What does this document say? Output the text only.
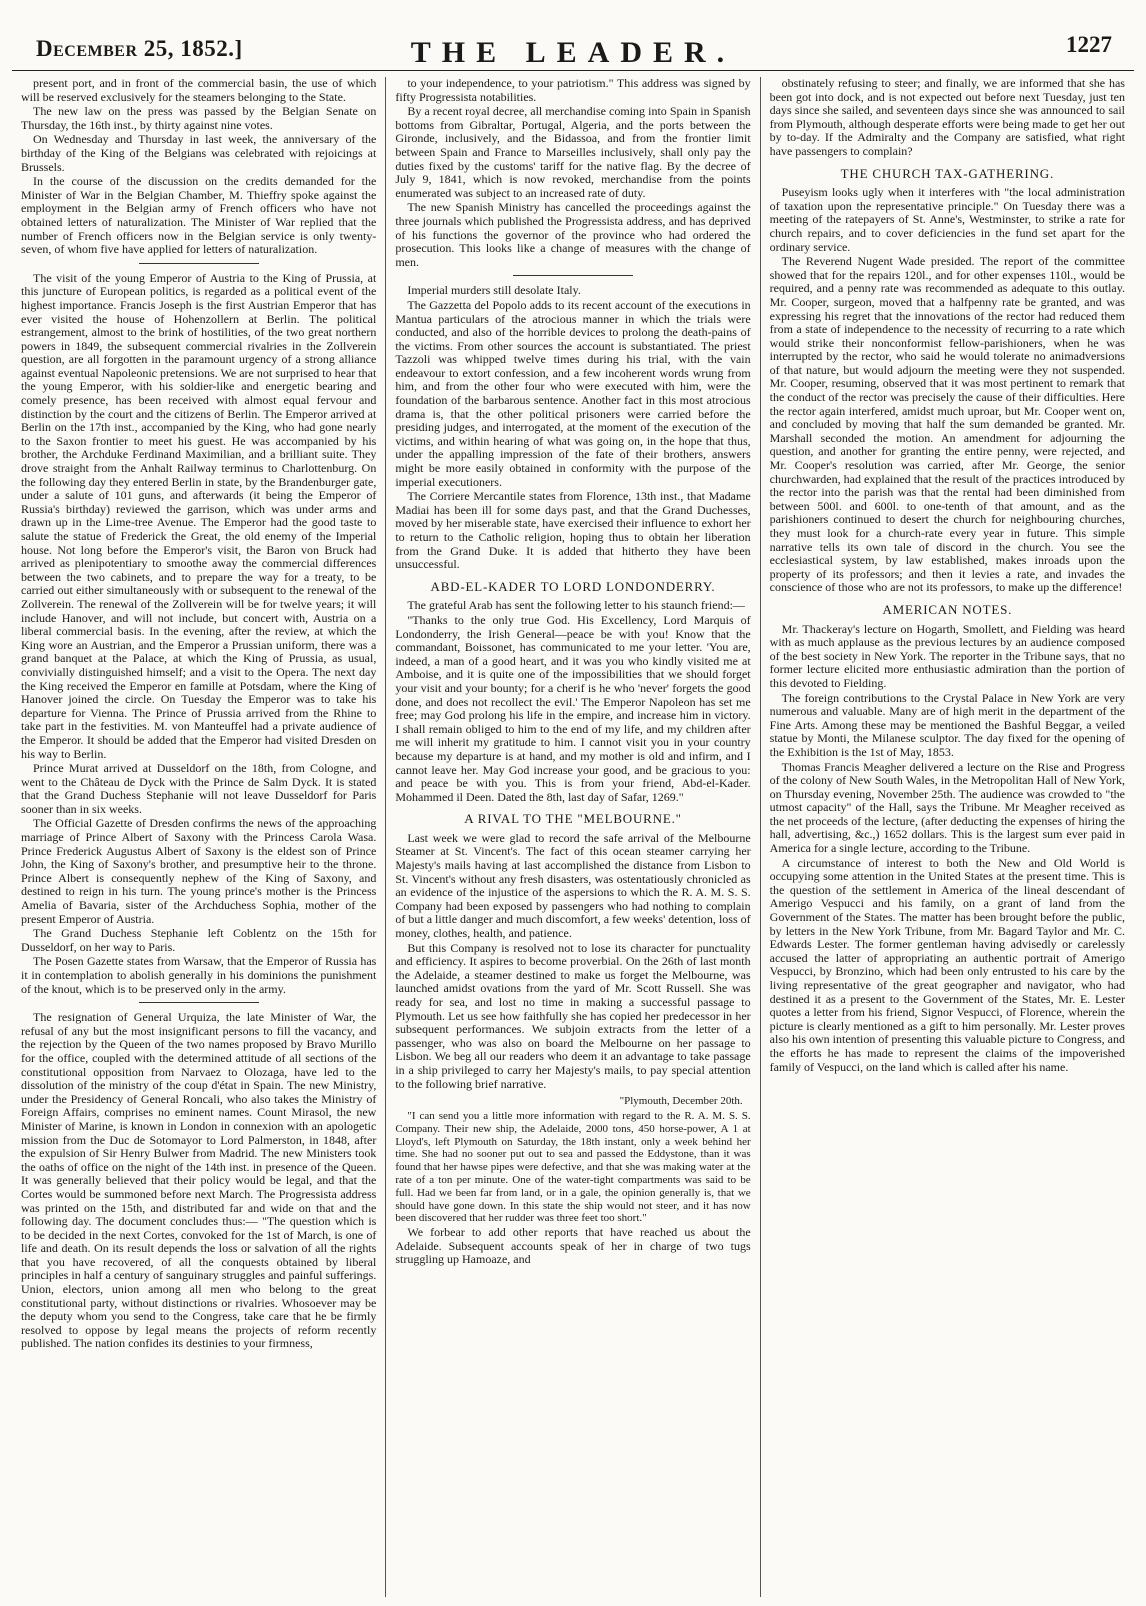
December 25, 1852.]	THE LEADER.	1227

present port, and in front of the commercial basin, the use of which will be reserved exclusively for the steamers belonging to the State.

The new law on the press was passed by the Belgian Senate on Thursday, the 16th inst., by thirty against nine votes.

On Wednesday and Thursday in last week, the anniversary of the birthday of the King of the Belgians was celebrated with rejoicings at Brussels.

In the course of the discussion on the credits demanded for the Minister of War in the Belgian Chamber, M. Thieffry spoke against the employment in the Belgian army of French officers who have not obtained letters of naturalization. The Minister of War replied that the number of French officers now in the Belgian service is only twenty-seven, of whom five have applied for letters of naturalization.

The visit of the young Emperor of Austria to the King of Prussia, at this juncture of European politics, is regarded as a political event of the highest importance. Francis Joseph is the first Austrian Emperor that has ever visited the house of Hohenzollern at Berlin. The political estrangement, almost to the brink of hostilities, of the two great northern powers in 1849, the subsequent commercial rivalries in the Zollverein question, are all forgotten in the paramount urgency of a strong alliance against eventual Napoleonic pretensions. We are not surprised to hear that the young Emperor, with his soldier-like and energetic bearing and comely presence, has been received with almost equal fervour and distinction by the court and the citizens of Berlin. The Emperor arrived at Berlin on the 17th inst., accompanied by the King, who had gone nearly to the Saxon frontier to meet his guest. He was accompanied by his brother, the Archduke Ferdinand Maximilian, and a brilliant suite. They drove straight from the Anhalt Railway terminus to Charlottenburg. On the following day they entered Berlin in state, by the Brandenburger gate, under a salute of 101 guns, and afterwards (it being the Emperor of Russia's birthday) reviewed the garrison, which was under arms and drawn up in the Lime-tree Avenue. The Emperor had the good taste to salute the statue of Frederick the Great, the old enemy of the Imperial house. Not long before the Emperor's visit, the Baron von Bruck had arrived as plenipotentiary to smoothe away the commercial differences between the two cabinets, and to prepare the way for a treaty, to be carried out either simultaneously with or subsequent to the renewal of the Zollverein. The renewal of the Zollverein will be for twelve years; it will include Hanover, and will not include, but concert with, Austria on a liberal commercial basis. In the evening, after the review, at which the King wore an Austrian, and the Emperor a Prussian uniform, there was a grand banquet at the Palace, at which the King of Prussia, as usual, convivially distinguished himself; and a visit to the Opera. The next day the King received the Emperor en famille at Potsdam, where the King of Hanover joined the circle. On Tuesday the Emperor was to take his departure for Vienna. The Prince of Prussia arrived from the Rhine to take part in the festivities. M. von Manteuffel had a private audience of the Emperor. It should be added that the Emperor had visited Dresden on his way to Berlin.

Prince Murat arrived at Dusseldorf on the 18th, from Cologne, and went to the Château de Dyck with the Prince de Salm Dyck. It is stated that the Grand Duchess Stephanie will not leave Dusseldorf for Paris sooner than in six weeks.

The Official Gazette of Dresden confirms the news of the approaching marriage of Prince Albert of Saxony with the Princess Carola Wasa. Prince Frederick Augustus Albert of Saxony is the eldest son of Prince John, the King of Saxony's brother, and presumptive heir to the throne. Prince Albert is consequently nephew of the King of Saxony, and destined to reign in his turn. The young prince's mother is the Princess Amelia of Bavaria, sister of the Archduchess Sophia, mother of the present Emperor of Austria.

The Grand Duchess Stephanie left Coblentz on the 15th for Dusseldorf, on her way to Paris.

The Posen Gazette states from Warsaw, that the Emperor of Russia has it in contemplation to abolish generally in his dominions the punishment of the knout, which is to be preserved only in the army.

The resignation of General Urquiza, the late Minister of War, the refusal of any but the most insignificant persons to fill the vacancy, and the rejection by the Queen of the two names proposed by Bravo Murillo for the office, coupled with the determined attitude of all sections of the constitutional opposition from Narvaez to Olozaga, have led to the dissolution of the ministry of the coup d'état in Spain. The new Ministry, under the Presidency of General Roncali, who also takes the Ministry of Foreign Affairs, comprises no eminent names. Count Mirasol, the new Minister of Marine, is known in London in connexion with an apologetic mission from the Duc de Sotomayor to Lord Palmerston, in 1848, after the expulsion of Sir Henry Bulwer from Madrid. The new Ministers took the oaths of office on the night of the 14th inst. in presence of the Queen. It was generally believed that their policy would be legal, and that the Cortes would be summoned before next March. The Progressista address was printed on the 15th, and distributed far and wide on that and the following day. The document concludes thus:— "The question which is to be decided in the next Cortes, convoked for the 1st of March, is one of life and death. On its result depends the loss or salvation of all the rights that you have recovered, of all the conquests obtained by liberal principles in half a century of sanguinary struggles and painful sufferings. Union, electors, union among all men who belong to the great constitutional party, without distinctions or rivalries. Whosoever may be the deputy whom you send to the Congress, take care that he be firmly resolved to oppose by legal means the projects of reform recently published. The nation confides its destinies to your firmness,

to your independence, to your patriotism." This address was signed by fifty Progressista notabilities.

By a recent royal decree, all merchandise coming into Spain in Spanish bottoms from Gibraltar, Portugal, Algeria, and the ports between the Gironde, inclusively, and the Bidassoa, and from the frontier limit between Spain and France to Marseilles inclusively, shall only pay the duties fixed by the customs' tariff for the native flag. By the decree of July 9, 1841, which is now revoked, merchandise from the points enumerated was subject to an increased rate of duty.

The new Spanish Ministry has cancelled the proceedings against the three journals which published the Progressista address, and has deprived of his functions the governor of the province who had ordered the prosecution. This looks like a change of measures with the change of men.

Imperial murders still desolate Italy.

The Gazzetta del Popolo adds to its recent account of the executions in Mantua particulars of the atrocious manner in which the trials were conducted, and also of the horrible devices to prolong the death-pains of the victims. From other sources the account is substantiated. The priest Tazzoli was whipped twelve times during his trial, with the vain endeavour to extort confession, and a few incoherent words wrung from him, and from the other four who were executed with him, were the foundation of the barbarous sentence. Another fact in this most atrocious drama is, that the other political prisoners were carried before the presiding judges, and interrogated, at the moment of the execution of the victims, and within hearing of what was going on, in the hope that thus, under the appalling impression of the fate of their brothers, answers might be more easily obtained in conformity with the purpose of the imperial executioners.

The Corriere Mercantile states from Florence, 13th inst., that Madame Madiai has been ill for some days past, and that the Grand Duchesses, moved by her miserable state, have exercised their influence to exhort her to return to the Catholic religion, hoping thus to obtain her liberation from the Grand Duke. It is added that hitherto they have been unsuccessful.

ABD-EL-KADER TO LORD LONDONDERRY.

The grateful Arab has sent the following letter to his staunch friend:—

"Thanks to the only true God. His Excellency, Lord Marquis of Londonderry, the Irish General—peace be with you! Know that the commandant, Boissonet, has communicated to me your letter. 'You are, indeed, a man of a good heart, and it was you who kindly visited me at Amboise, and it is quite one of the impossibilities that we should forget your visit and your bounty; for a cherif is he who 'never' forgets the good done, and does not recollect the evil.' The Emperor Napoleon has set me free; may God prolong his life in the empire, and increase him in victory. I shall remain obliged to him to the end of my life, and my children after me will inherit my gratitude to him. I cannot visit you in your country because my departure is at hand, and my mother is old and infirm, and I cannot leave her. May God increase your good, and be gracious to you: and peace be with you. This is from your friend, Abd-el-Kader. Mohammed il Deen. Dated the 8th, last day of Safar, 1269."

A RIVAL TO THE "MELBOURNE."

Last week we were glad to record the safe arrival of the Melbourne Steamer at St. Vincent's. The fact of this ocean steamer carrying her Majesty's mails having at last accomplished the distance from Lisbon to St. Vincent's without any fresh disasters, was ostentatiously chronicled as an evidence of the injustice of the aspersions to which the R. A. M. S. S. Company had been exposed by passengers who had nothing to complain of but a little danger and much discomfort, a few weeks' detention, loss of money, clothes, health, and patience.

But this Company is resolved not to lose its character for punctuality and efficiency. It aspires to become proverbial. On the 26th of last month the Adelaide, a steamer destined to make us forget the Melbourne, was launched amidst ovations from the yard of Mr. Scott Russell. She was ready for sea, and lost no time in making a successful passage to Plymouth. Let us see how faithfully she has copied her predecessor in her subsequent performances. We subjoin extracts from the letter of a passenger, who was also on board the Melbourne on her passage to Lisbon. We beg all our readers who deem it an advantage to take passage in a ship privileged to carry her Majesty's mails, to pay special attention to the following brief narrative.

"Plymouth, December 20th.

"I can send you a little more information with regard to the R. A. M. S. S. Company. Their new ship, the Adelaide, 2000 tons, 450 horse-power, A 1 at Lloyd's, left Plymouth on Saturday, the 18th instant, only a week behind her time. She had no sooner put out to sea and passed the Eddystone, than it was found that her hawse pipes were defective, and that she was making water at the rate of a ton per minute. One of the water-tight compartments was said to be full. Had we been far from land, or in a gale, the opinion generally is, that we should have gone down. In this state the ship would not steer, and it has now been discovered that her rudder was three feet too short."

We forbear to add other reports that have reached us about the Adelaide. Subsequent accounts speak of her in charge of two tugs struggling up Hamoaze, and

obstinately refusing to steer; and finally, we are informed that she has been got into dock, and is not expected out before next Tuesday, just ten days since she sailed, and seventeen days since she was announced to sail from Plymouth, although desperate efforts were being made to get her out by to-day. If the Admiralty and the Company are satisfied, what right have passengers to complain?

THE CHURCH TAX-GATHERING.

Puseyism looks ugly when it interferes with "the local administration of taxation upon the representative principle." On Tuesday there was a meeting of the ratepayers of St. Anne's, Westminster, to strike a rate for church repairs, and to cover deficiencies in the fund set apart for the ordinary service.

The Reverend Nugent Wade presided. The report of the committee showed that for the repairs 120l., and for other expenses 110l., would be required, and a penny rate was recommended as adequate to this outlay. Mr. Cooper, surgeon, moved that a halfpenny rate be granted, and was expressing his regret that the innovations of the rector had reduced them from a state of independence to the necessity of recurring to a rate which would strike their nonconformist fellow-parishioners, when he was interrupted by the rector, who said he would tolerate no animadversions of that nature, but would adjourn the meeting were they not suspended. Mr. Cooper, resuming, observed that it was most pertinent to remark that the conduct of the rector was precisely the cause of their difficulties. Here the rector again interfered, amidst much uproar, but Mr. Cooper went on, and concluded by moving that half the sum demanded be granted. Mr. Marshall seconded the motion. An amendment for adjourning the question, and another for granting the entire penny, were rejected, and Mr. Cooper's resolution was carried, after Mr. George, the senior churchwarden, had explained that the result of the practices introduced by the rector into the parish was that the rental had been diminished from between 500l. and 600l. to one-tenth of that amount, and as the parishioners continued to desert the church for neighbouring churches, they must look for a church-rate every year in future. This simple narrative tells its own tale of discord in the church. You see the ecclesiastical system, by law established, makes inroads upon the property of its professors; and then it levies a rate, and invades the conscience of those who are not its professors, to make up the difference!

AMERICAN NOTES.

Mr. Thackeray's lecture on Hogarth, Smollett, and Fielding was heard with as much applause as the previous lectures by an audience composed of the best society in New York. The reporter in the Tribune says, that no former lecture elicited more enthusiastic admiration than the portion of this devoted to Fielding.

The foreign contributions to the Crystal Palace in New York are very numerous and valuable. Many are of high merit in the department of the Fine Arts. Among these may be mentioned the Bashful Beggar, a veiled statue by Monti, the Milanese sculptor. The day fixed for the opening of the Exhibition is the 1st of May, 1853.

Thomas Francis Meagher delivered a lecture on the Rise and Progress of the colony of New South Wales, in the Metropolitan Hall of New York, on Thursday evening, November 25th. The audience was crowded to "the utmost capacity" of the Hall, says the Tribune. Mr Meagher received as the net proceeds of the lecture, (after deducting the expenses of hiring the hall, advertising, &c.,) 1652 dollars. This is the largest sum ever paid in America for a single lecture, according to the Tribune.

A circumstance of interest to both the New and Old World is occupying some attention in the United States at the present time. This is the question of the settlement in America of the lineal descendant of Amerigo Vespucci and his family, on a grant of land from the Government of the States. The matter has been brought before the public, by letters in the New York Tribune, from Mr. Bagard Taylor and Mr. C. Edwards Lester. The former gentleman having advisedly or carelessly accused the latter of appropriating an authentic portrait of Amerigo Vespucci, by Bronzino, which had been only entrusted to his care by the living representative of the great geographer and navigator, who had destined it as a present to the Government of the States, Mr. E. Lester quotes a letter from his friend, Signor Vespucci, of Florence, wherein the picture is clearly mentioned as a gift to him personally. Mr. Lester proves also his own intention of presenting this valuable picture to Congress, and the efforts he has made to represent the claims of the impoverished family of Vespucci, on the land which is called after his name.
